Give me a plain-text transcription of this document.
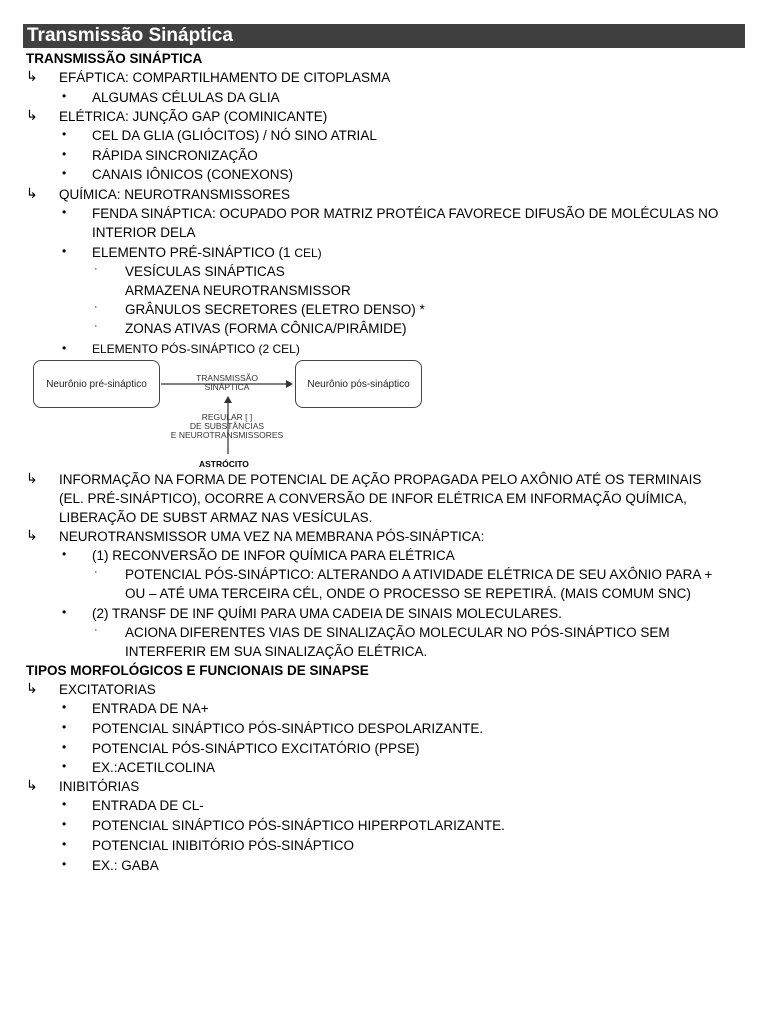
Transmissão Sináptica
TRANSMISSÃO SINÁPTICA
↳ EFÁPTICA: COMPARTILHAMENTO DE CITOPLASMA
• ALGUMAS CÉLULAS DA GLIA
↳ ELÉTRICA: JUNÇÃO GAP (COMINICANTE)
• CEL DA GLIA (GLIÓCITOS) / NÓ SINO ATRIAL
• RÁPIDA SINCRONIZAÇÃO
• CANAIS IÔNICOS (CONEXONS)
↳ QUÍMICA: NEUROTRANSMISSORES
• FENDA SINÁPTICA: OCUPADO POR MATRIZ PROTÉICA FAVORECE DIFUSÃO DE MOLÉCULAS NO
INTERIOR DELA
• ELEMENTO PRÉ-SINÁPTICO (1 CEL)
· VESÍCULAS SINÁPTICAS
ARMAZENA NEUROTRANSMISSOR
· GRÂNULOS SECRETORES (ELETRO DENSO) *
· ZONAS ATIVAS (FORMA CÔNICA/PIRÂMIDE)
• ELEMENTO PÓS-SINÁPTICO (2 CEL)
Neurônio pré-sináptico	Neurônio pós-sináptico
TRANSMISSÃO
SINÁPTICA
REGULAR [ ]
DE SUBSTÂNCIAS
E NEUROTRANSMISSORES
ASTRÓCITO
↳ INFORMAÇÃO NA FORMA DE POTENCIAL DE AÇÃO PROPAGADA PELO AXÔNIO ATÉ OS TERMINAIS
(EL. PRÉ-SINÁPTICO), OCORRE A CONVERSÃO DE INFOR ELÉTRICA EM INFORMAÇÃO QUÍMICA,
LIBERAÇÃO DE SUBST ARMAZ NAS VESÍCULAS.
↳ NEUROTRANSMISSOR UMA VEZ NA MEMBRANA PÓS-SINÁPTICA:
• (1) RECONVERSÃO DE INFOR QUÍMICA PARA ELÉTRICA
· POTENCIAL PÓS-SINÁPTICO: ALTERANDO A ATIVIDADE ELÉTRICA DE SEU AXÔNIO PARA +
OU – ATÉ UMA TERCEIRA CÉL, ONDE O PROCESSO SE REPETIRÁ. (MAIS COMUM SNC)
• (2) TRANSF DE INF QUÍMI PARA UMA CADEIA DE SINAIS MOLECULARES.
· ACIONA DIFERENTES VIAS DE SINALIZAÇÃO MOLECULAR NO PÓS-SINÁPTICO SEM
INTERFERIR EM SUA SINALIZAÇÃO ELÉTRICA.
TIPOS MORFOLÓGICOS E FUNCIONAIS DE SINAPSE
↳ EXCITATORIAS
• ENTRADA DE NA+
• POTENCIAL SINÁPTICO PÓS-SINÁPTICO DESPOLARIZANTE.
• POTENCIAL PÓS-SINÁPTICO EXCITATÓRIO (PPSE)
• EX.:ACETILCOLINA
↳ INIBITÓRIAS
• ENTRADA DE CL-
• POTENCIAL SINÁPTICO PÓS-SINÁPTICO HIPERPOTLARIZANTE.
• POTENCIAL INIBITÓRIO PÓS-SINÁPTICO
• EX.: GABA
